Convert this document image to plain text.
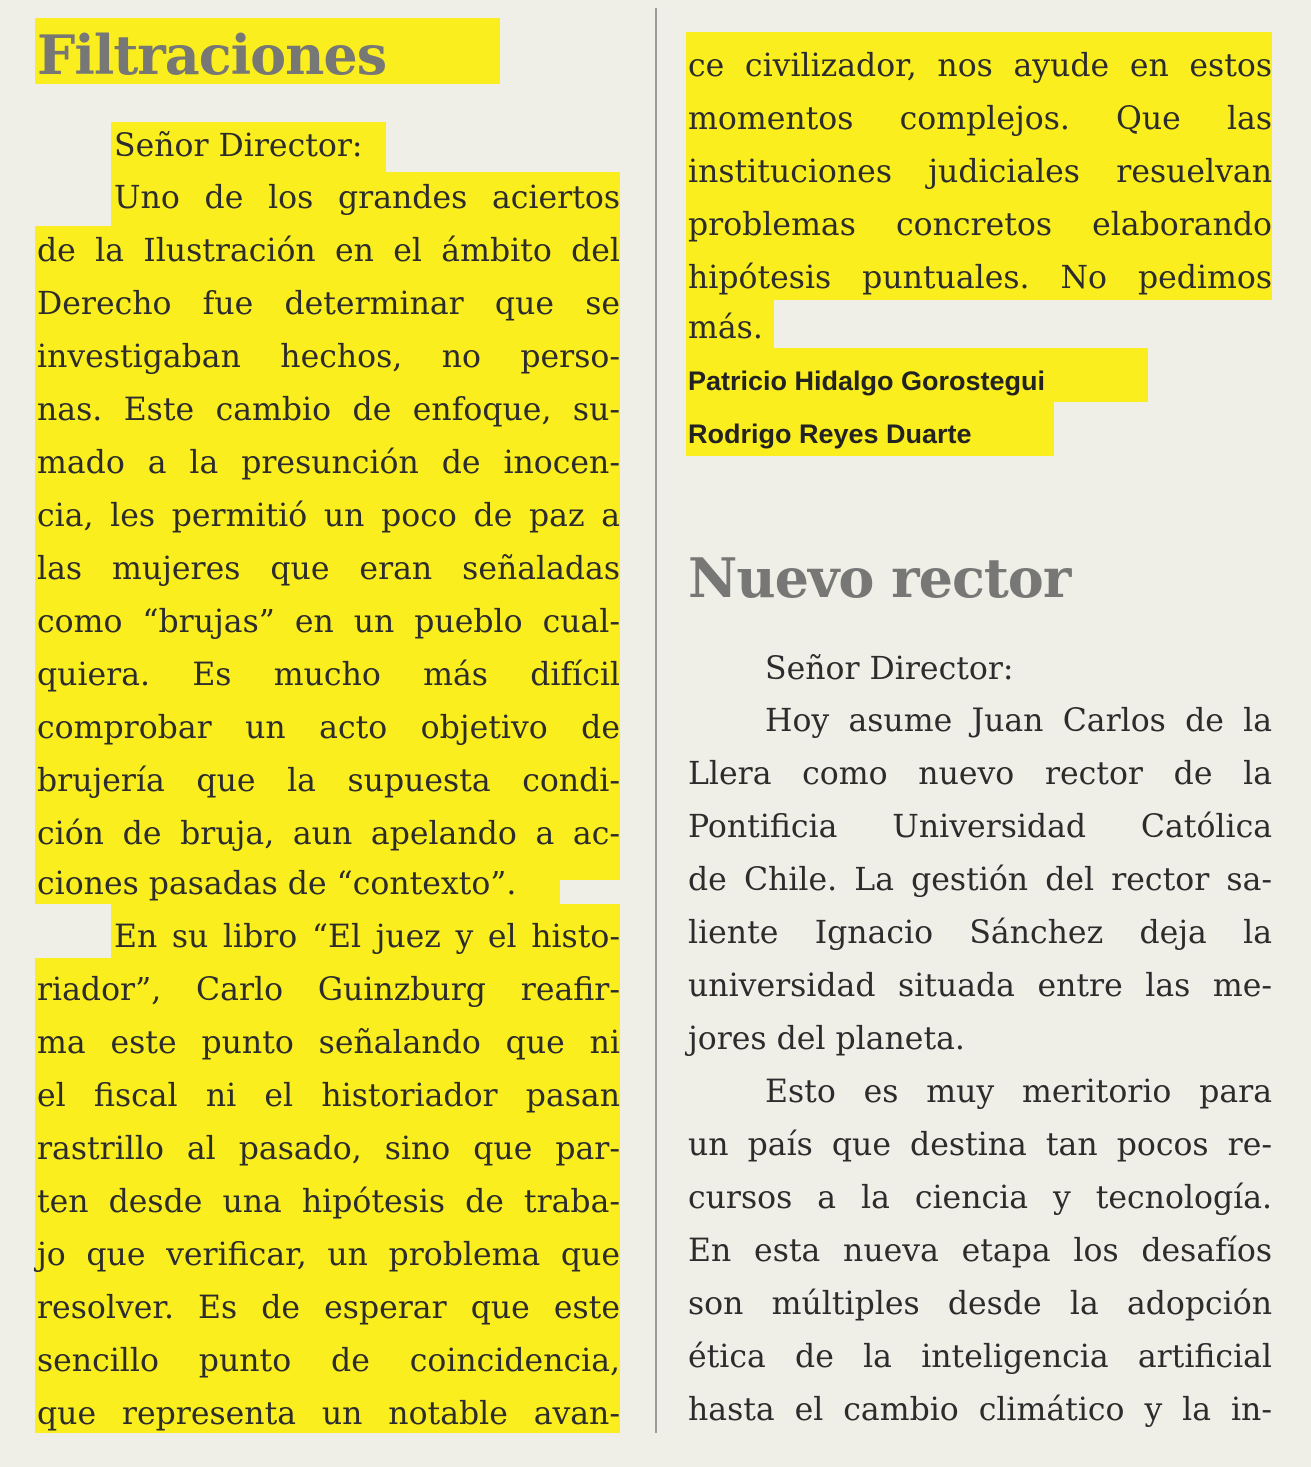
Filtraciones
Señor Director:
Uno de los grandes aciertos
de la Ilustración en el ámbito del
Derecho fue determinar que se
investigaban hechos, no perso-
nas. Este cambio de enfoque, su-
mado a la presunción de inocen-
cia, les permitió un poco de paz a
las mujeres que eran señaladas
como “brujas” en un pueblo cual-
quiera. Es mucho más difícil
comprobar un acto objetivo de
brujería que la supuesta condi-
ción de bruja, aun apelando a ac-
ciones pasadas de “contexto”.
En su libro “El juez y el histo-
riador”, Carlo Guinzburg reafir-
ma este punto señalando que ni
el fiscal ni el historiador pasan
rastrillo al pasado, sino que par-
ten desde una hipótesis de traba-
jo que verificar, un problema que
resolver. Es de esperar que este
sencillo punto de coincidencia,
que representa un notable avan-
ce civilizador, nos ayude en estos
momentos complejos. Que las
instituciones judiciales resuelvan
problemas concretos elaborando
hipótesis puntuales. No pedimos
más.
Patricio Hidalgo Gorostegui
Rodrigo Reyes Duarte
Nuevo rector
Señor Director:
Hoy asume Juan Carlos de la
Llera como nuevo rector de la
Pontificia Universidad Católica
de Chile. La gestión del rector sa-
liente Ignacio Sánchez deja la
universidad situada entre las me-
jores del planeta.
Esto es muy meritorio para
un país que destina tan pocos re-
cursos a la ciencia y tecnología.
En esta nueva etapa los desafíos
son múltiples desde la adopción
ética de la inteligencia artificial
hasta el cambio climático y la in-
